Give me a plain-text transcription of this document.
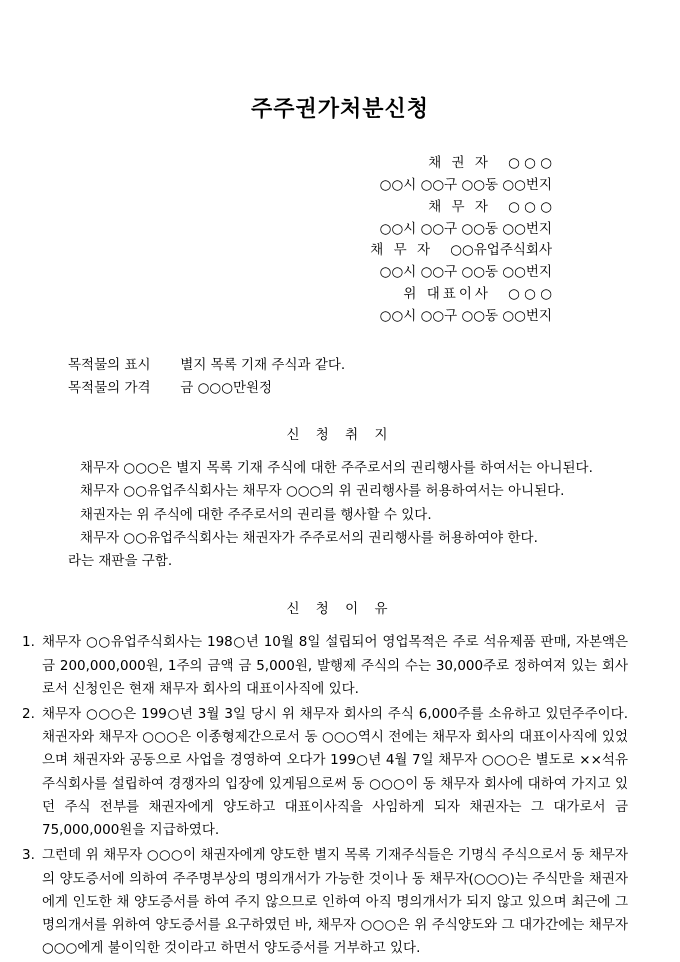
주주권가처분신청
채 권 자 ○ ○ ○
○○시 ○○구 ○○동 ○○번지
채 무 자 ○ ○ ○
○○시 ○○구 ○○동 ○○번지
채 무 자 ○○유업주식회사
○○시 ○○구 ○○동 ○○번지
위 대표이사 ○ ○ ○
○○시 ○○구 ○○동 ○○번지
목적물의 표시 별지 목록 기재 주식과 같다.
목적물의 가격 금 ○○○만원정
신 청 취 지
채무자 ○○○은 별지 목록 기재 주식에 대한 주주로서의 권리행사를 하여서는 아니된다.
채무자 ○○유업주식회사는 채무자 ○○○의 위 권리행사를 허용하여서는 아니된다.
채권자는 위 주식에 대한 주주로서의 권리를 행사할 수 있다.
채무자 ○○유업주식회사는 채권자가 주주로서의 권리행사를 허용하여야 한다.
라는 재판을 구함.
신 청 이 유
1. 채무자 ○○유업주식회사는 198○년 10월 8일 설립되어 영업목적은 주로 석유제품 판매, 자본액은 금 200,000,000원, 1주의 금액 금 5,000원, 발행제 주식의 수는 30,000주로 정하여져 있는 회사로서 신청인은 현재 채무자 회사의 대표이사직에 있다.
2. 채무자 ○○○은 199○년 3월 3일 당시 위 채무자 회사의 주식 6,000주를 소유하고 있던주주이다. 채권자와 채무자 ○○○은 이종형제간으로서 동 ○○○역시 전에는 채무자 회사의 대표이사직에 있었으며 채권자와 공동으로 사업을 경영하여 오다가 199○년 4월 7일 채무자 ○○○은 별도로 ××석유주식회사를 설립하여 경쟁자의 입장에 있게됨으로써 동 ○○○이 동 채무자 회사에 대하여 가지고 있던 주식 전부를 채권자에게 양도하고 대표이사직을 사임하게 되자 채권자는 그 대가로서 금 75,000,000원을 지급하였다.
3. 그런데 위 채무자 ○○○이 채권자에게 양도한 별지 목록 기재주식들은 기명식 주식으로서 동 채무자의 양도증서에 의하여 주주명부상의 명의개서가 가능한 것이나 동 채무자(○○○)는 주식만을 채권자에게 인도한 채 양도증서를 하여 주지 않으므로 인하여 아직 명의개서가 되지 않고 있으며 최근에 그 명의개서를 위하여 양도증서를 요구하였던 바, 채무자 ○○○은 위 주식양도와 그 대가간에는 채무자 ○○○에게 불이익한 것이라고 하면서 양도증서를 거부하고 있다.
